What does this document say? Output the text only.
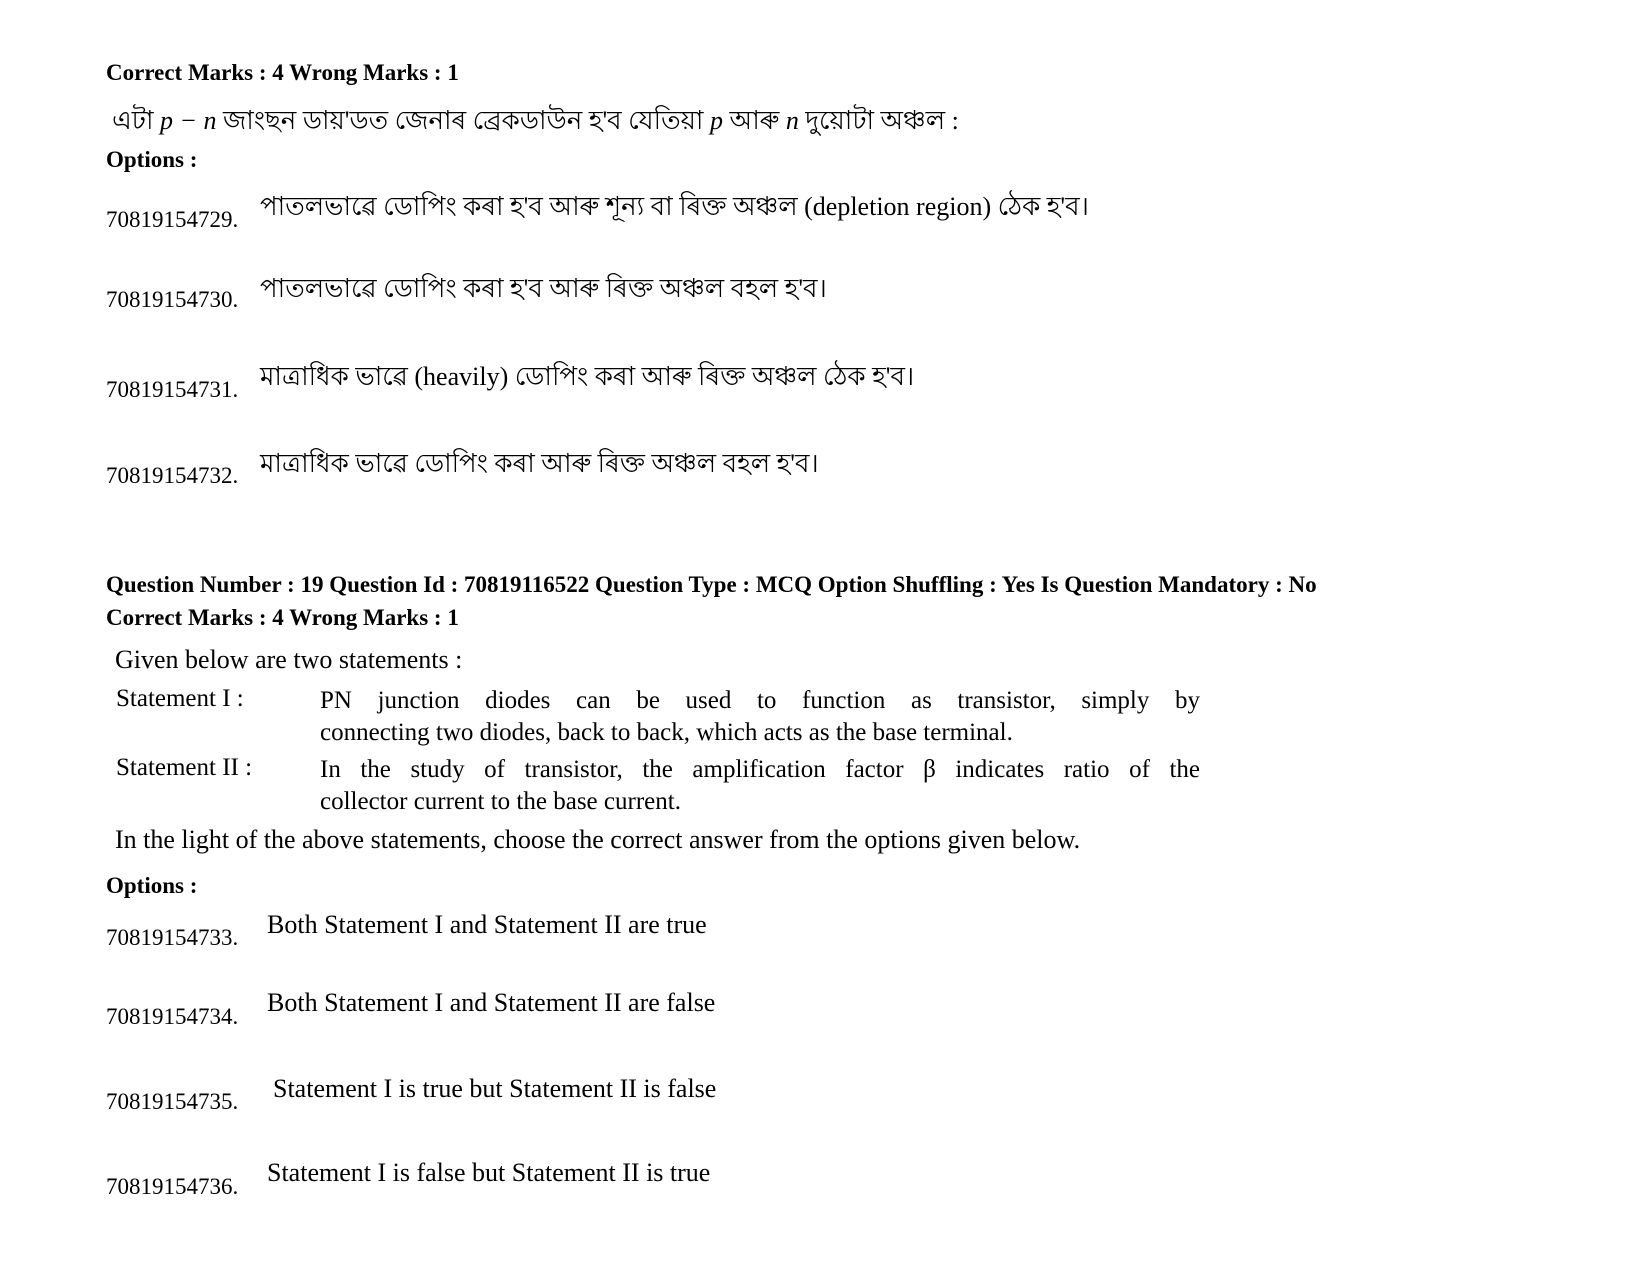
Correct Marks : 4 Wrong Marks : 1
এটা p − n জাংছন ডায়'ডত জেনাৰ ব্ৰেকডাউন হ'ব যেতিয়া p আৰু n দুয়োটা অঞ্চল :
Options :
70819154729. পাতলভাৱে ডোপিং কৰা হ'ব আৰু শূন্য বা ৰিক্ত অঞ্চল (depletion region) ঠেক হ'ব।
70819154730. পাতলভাৱে ডোপিং কৰা হ'ব আৰু ৰিক্ত অঞ্চল বহল হ'ব।
70819154731. মাত্ৰাধিক ভাৱে (heavily) ডোপিং কৰা আৰু ৰিক্ত অঞ্চল ঠেক হ'ব।
70819154732. মাত্ৰাধিক ভাৱে ডোপিং কৰা আৰু ৰিক্ত অঞ্চল বহল হ'ব।
Question Number : 19 Question Id : 70819116522 Question Type : MCQ Option Shuffling : Yes Is Question Mandatory : No
Correct Marks : 4 Wrong Marks : 1
Given below are two statements :
Statement I :	PN junction diodes can be used to function as transistor, simply by
connecting two diodes, back to back, which acts as the base terminal.
Statement II :	In the study of transistor, the amplification factor β indicates ratio of the
collector current to the base current.
In the light of the above statements, choose the correct answer from the options given below.
Options :
70819154733. Both Statement I and Statement II are true
70819154734. Both Statement I and Statement II are false
70819154735. Statement I is true but Statement II is false
70819154736. Statement I is false but Statement II is true
